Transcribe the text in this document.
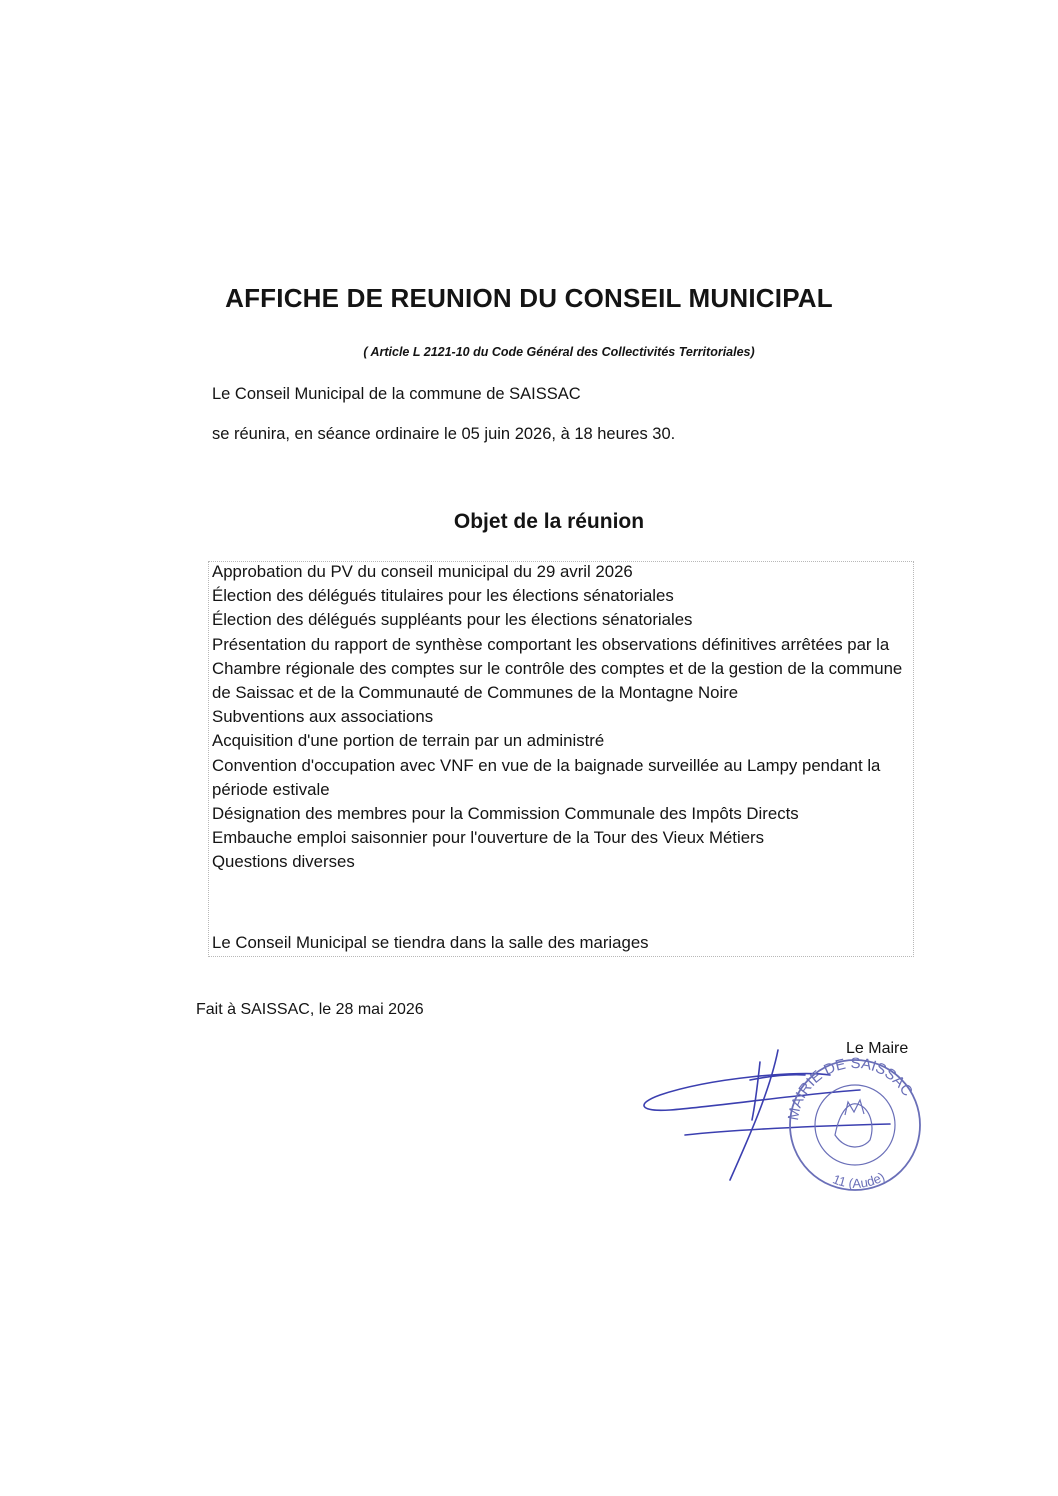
AFFICHE DE REUNION DU CONSEIL MUNICIPAL

( Article L 2121-10 du Code Général des Collectivités Territoriales)

Le Conseil Municipal de la commune de SAISSAC

se réunira, en séance ordinaire le 05 juin 2026, à 18 heures 30.

Objet de la réunion
Approbation du PV du conseil municipal du 29 avril 2026
Élection des délégués titulaires pour les élections sénatoriales
Élection des délégués suppléants pour les élections sénatoriales
Présentation du rapport de synthèse comportant les observations définitives arrêtées par la Chambre régionale des comptes sur le contrôle des comptes et de la gestion de la commune de Saissac et de la Communauté de Communes de la Montagne Noire
Subventions aux associations
Acquisition d'une portion de terrain par un administré
Convention d'occupation avec VNF en vue de la baignade surveillée au Lampy pendant la période estivale
Désignation des membres pour la Commission Communale des Impôts Directs
Embauche emploi saisonnier pour l'ouverture de la Tour des Vieux Métiers
Questions diverses

Le Conseil Municipal se tiendra dans la salle des mariages

Fait à SAISSAC, le 28 mai 2026

Le Maire

MAIRIE DE SAISSAC
11 (Aude)
